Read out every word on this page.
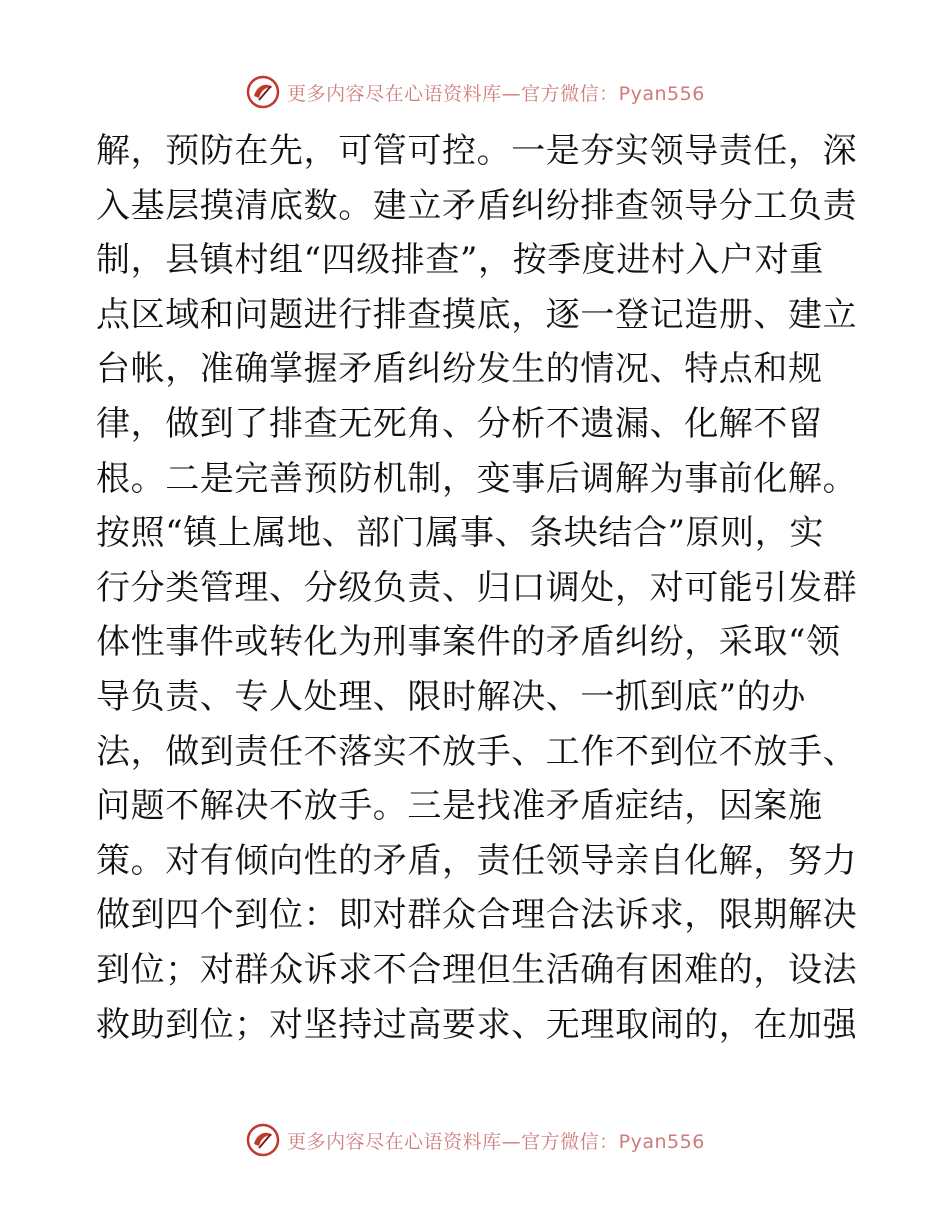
更多内容尽在心语资料库—官方微信：Pyan556
解，预防在先，可管可控。一是夯实领导责任，深
入基层摸清底数。建立矛盾纠纷排查领导分工负责
制，县镇村组“四级排查”，按季度进村入户对重
点区域和问题进行排查摸底，逐一登记造册、建立
台帐，准确掌握矛盾纠纷发生的情况、特点和规
律，做到了排查无死角、分析不遗漏、化解不留
根。二是完善预防机制，变事后调解为事前化解。
按照“镇上属地、部门属事、条块结合”原则，实
行分类管理、分级负责、归口调处，对可能引发群
体性事件或转化为刑事案件的矛盾纠纷，采取“领
导负责、专人处理、限时解决、一抓到底”的办
法，做到责任不落实不放手、工作不到位不放手、
问题不解决不放手。三是找准矛盾症结，因案施
策。对有倾向性的矛盾，责任领导亲自化解，努力
做到四个到位：即对群众合理合法诉求，限期解决
到位；对群众诉求不合理但生活确有困难的，设法
救助到位；对坚持过高要求、无理取闹的，在加强
更多内容尽在心语资料库—官方微信：Pyan556
